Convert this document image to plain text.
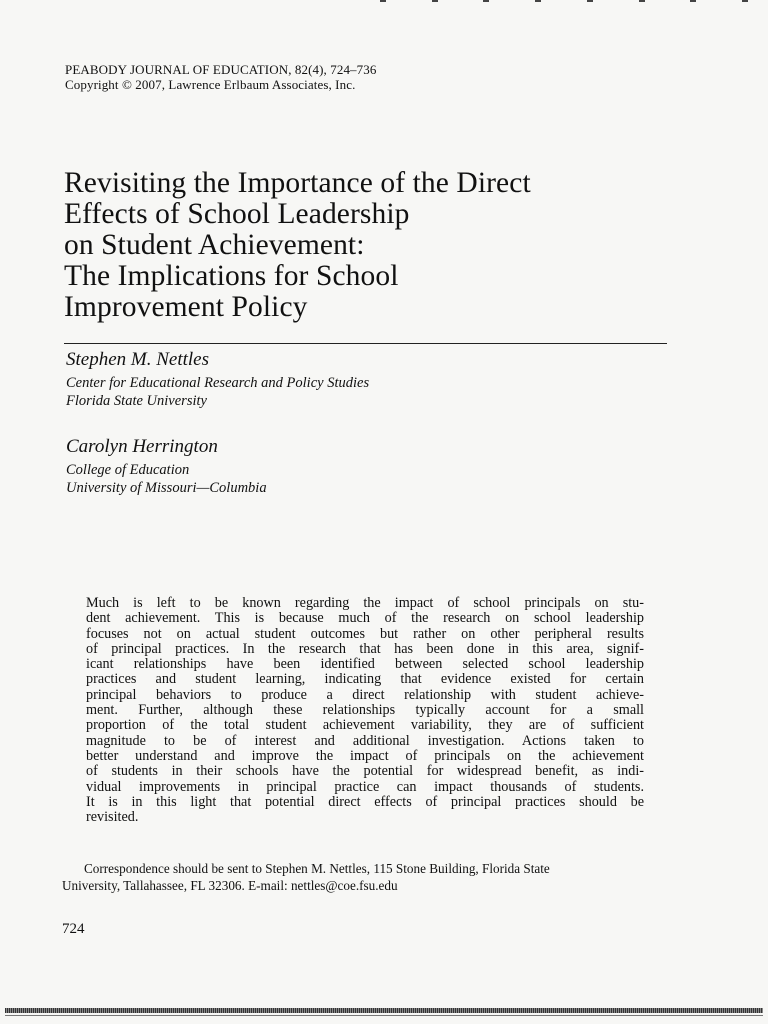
PEABODY JOURNAL OF EDUCATION, 82(4), 724–736
Copyright © 2007, Lawrence Erlbaum Associates, Inc.
Revisiting the Importance of the Direct
Effects of School Leadership
on Student Achievement:
The Implications for School
Improvement Policy
Stephen M. Nettles
Center for Educational Research and Policy Studies
Florida State University
Carolyn Herrington
College of Education
University of Missouri—Columbia
Much is left to be known regarding the impact of school principals on stu-
dent achievement. This is because much of the research on school leadership
focuses not on actual student outcomes but rather on other peripheral results
of principal practices. In the research that has been done in this area, signif-
icant relationships have been identified between selected school leadership
practices and student learning, indicating that evidence existed for certain
principal behaviors to produce a direct relationship with student achieve-
ment. Further, although these relationships typically account for a small
proportion of the total student achievement variability, they are of sufficient
magnitude to be of interest and additional investigation. Actions taken to
better understand and improve the impact of principals on the achievement
of students in their schools have the potential for widespread benefit, as indi-
vidual improvements in principal practice can impact thousands of students.
It is in this light that potential direct effects of principal practices should be
revisited.
Correspondence should be sent to Stephen M. Nettles, 115 Stone Building, Florida State
University, Tallahassee, FL 32306. E-mail: nettles@coe.fsu.edu
724
